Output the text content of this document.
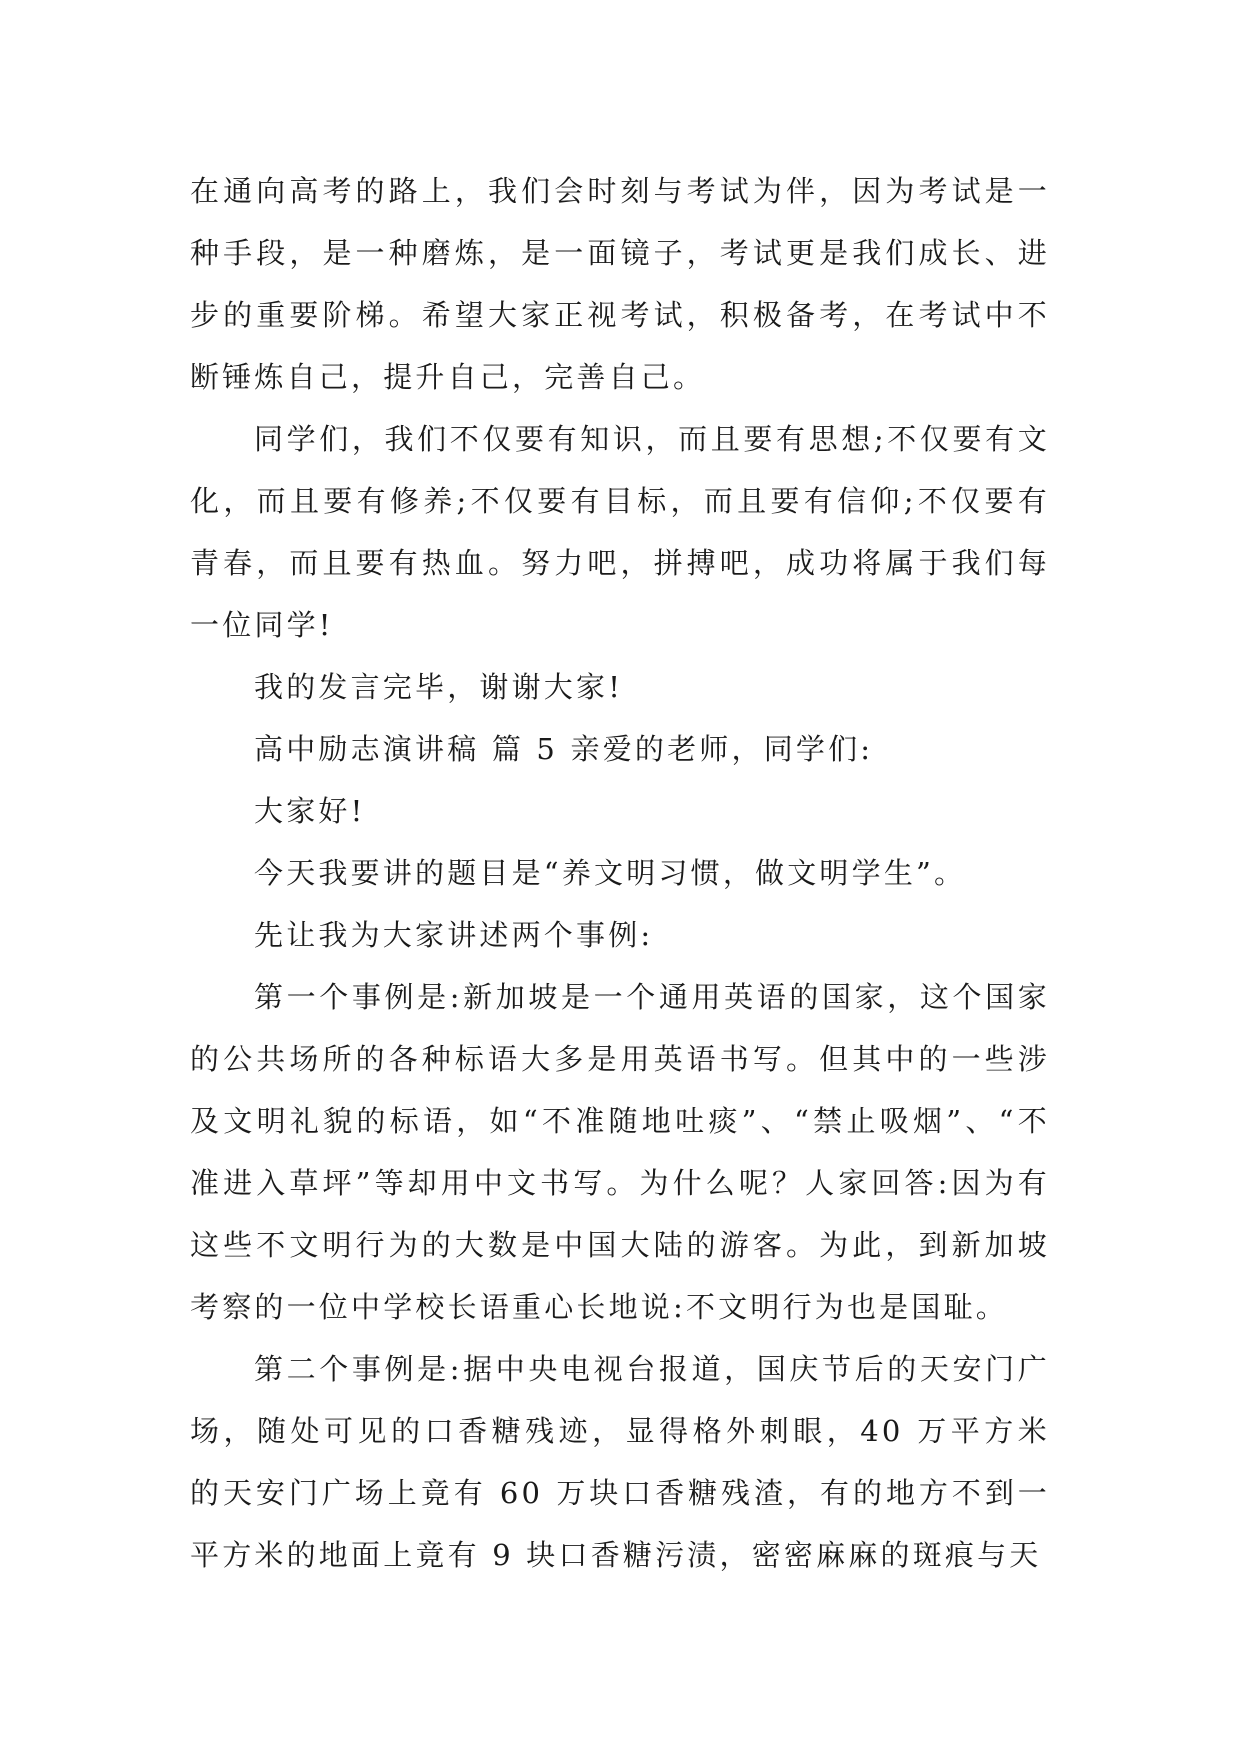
在通向高考的路上，我们会时刻与考试为伴，因为考试是一种手段，是一种磨炼，是一面镜子，考试更是我们成长、进步的重要阶梯。希望大家正视考试，积极备考，在考试中不断锤炼自己，提升自己，完善自己。

同学们，我们不仅要有知识，而且要有思想;不仅要有文化，而且要有修养;不仅要有目标，而且要有信仰;不仅要有青春，而且要有热血。努力吧，拼搏吧，成功将属于我们每一位同学!

我的发言完毕，谢谢大家!

高中励志演讲稿 篇 5 亲爱的老师，同学们:

大家好!

今天我要讲的题目是“养文明习惯，做文明学生”。

先让我为大家讲述两个事例:

第一个事例是:新加坡是一个通用英语的国家，这个国家的公共场所的各种标语大多是用英语书写。但其中的一些涉及文明礼貌的标语，如“不准随地吐痰”、“禁止吸烟”、“不准进入草坪”等却用中文书写。为什么呢？人家回答:因为有这些不文明行为的大数是中国大陆的游客。为此，到新加坡考察的一位中学校长语重心长地说:不文明行为也是国耻。

第二个事例是:据中央电视台报道，国庆节后的天安门广场，随处可见的口香糖残迹，显得格外刺眼，40 万平方米的天安门广场上竟有 60 万块口香糖残渣，有的地方不到一平方米的地面上竟有 9 块口香糖污渍，密密麻麻的斑痕与天
